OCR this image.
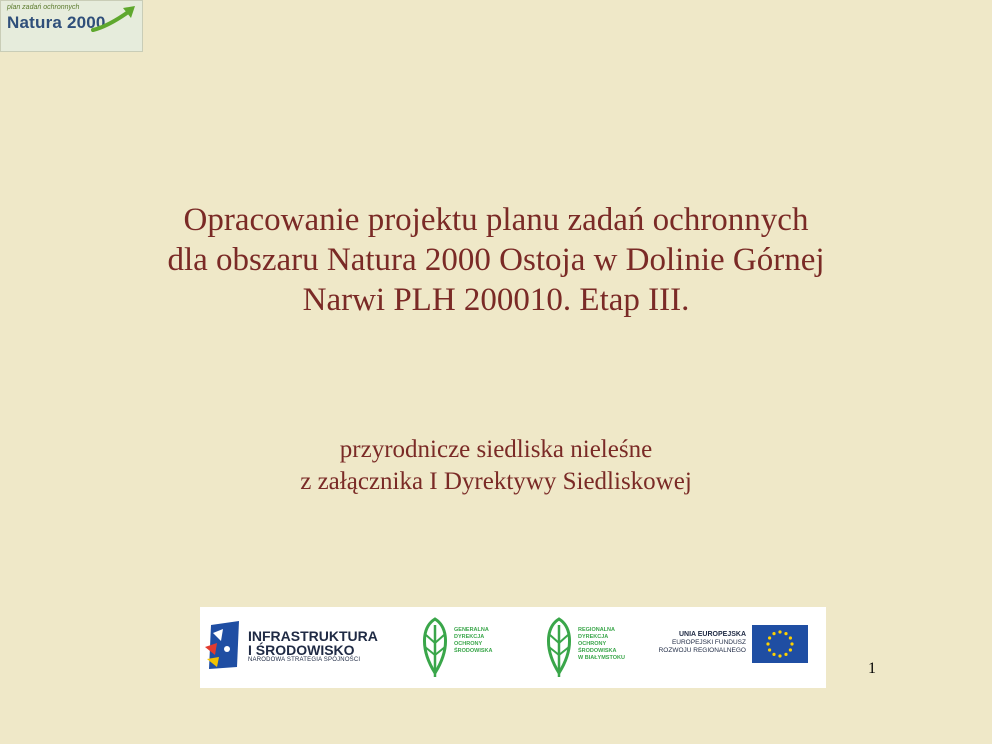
plan zadań ochronnych
Natura 2000
Opracowanie projektu planu zadań ochronnych
dla obszaru Natura 2000 Ostoja w Dolinie Górnej
Narwi PLH 200010. Etap III.
przyrodnicze siedliska nieleśne
z załącznika I Dyrektywy Siedliskowej
INFRASTRUKTURA
I ŚRODOWISKO
NARODOWA STRATEGIA SPÓJNOŚCI
GENERALNA
DYREKCJA
OCHRONY
ŚRODOWISKA
REGIONALNA
DYREKCJA
OCHRONY
ŚRODOWISKA
W BIAŁYMSTOKU
UNIA EUROPEJSKA
EUROPEJSKI FUNDUSZ
ROZWOJU REGIONALNEGO
1
